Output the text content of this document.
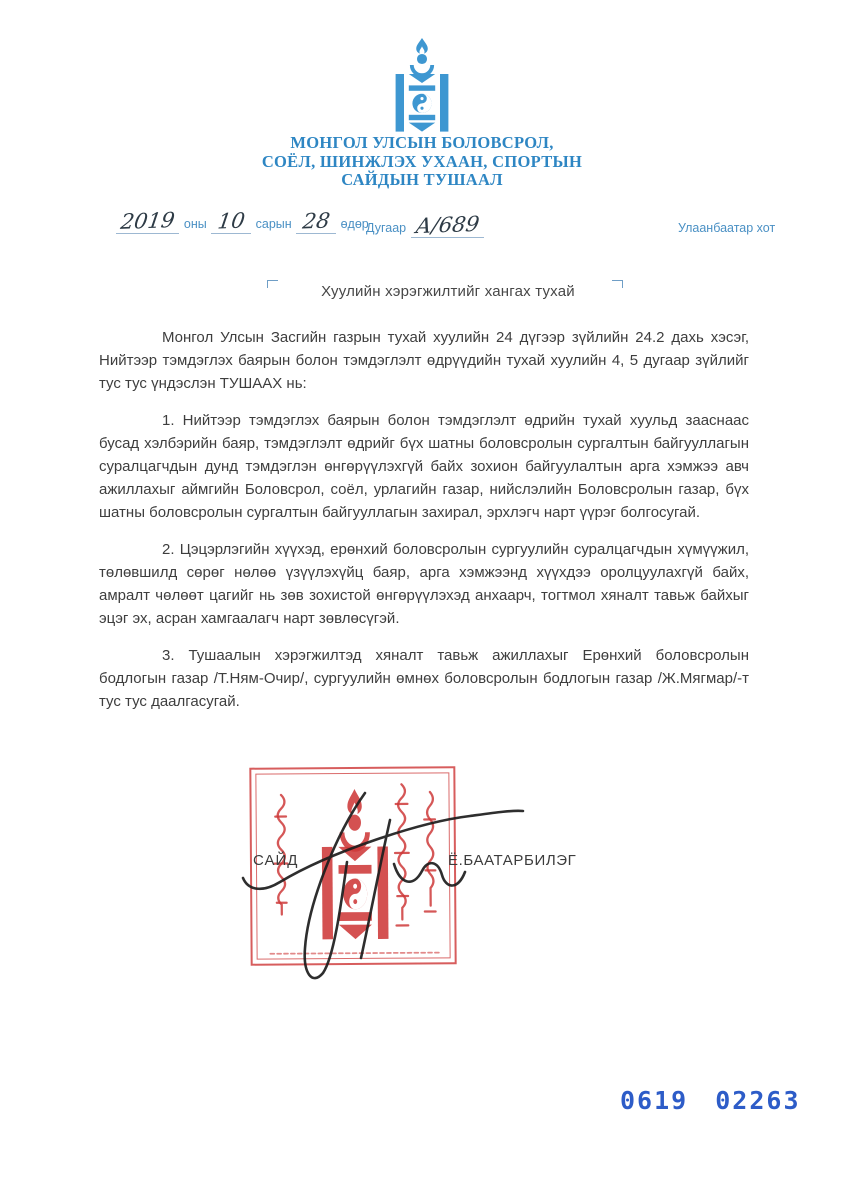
МОНГОЛ УЛСЫН БОЛОВСРОЛ,
СОЁЛ, ШИНЖЛЭХ УХААН, СПОРТЫН
САЙДЫН ТУШААЛ
2019 оны 10 сарын 28 өдөр
Дугаар А/689	Улаанбаатар хот
Хуулийн хэрэгжилтийг хангах тухай

Монгол Улсын Засгийн газрын тухай хуулийн 24 дүгээр зүйлийн 24.2 дахь хэсэг, Нийтээр тэмдэглэх баярын болон тэмдэглэлт өдрүүдийн тухай хуулийн 4, 5 дугаар зүйлийг тус тус үндэслэн ТУШААХ нь:

1. Нийтээр тэмдэглэх баярын болон тэмдэглэлт өдрийн тухай хуульд зааснаас бусад хэлбэрийн баяр, тэмдэглэлт өдрийг бүх шатны боловсролын сургалтын байгууллагын суралцагчдын дунд тэмдэглэн өнгөрүүлэхгүй байх зохион байгуулалтын арга хэмжээ авч ажиллахыг аймгийн Боловсрол, соёл, урлагийн газар, нийслэлийн Боловсролын газар, бүх шатны боловсролын сургалтын байгууллагын захирал, эрхлэгч нарт үүрэг болгосугай.

2. Цэцэрлэгийн хүүхэд, ерөнхий боловсролын сургуулийн суралцагчдын хүмүүжил, төлөвшилд сөрөг нөлөө үзүүлэхүйц баяр, арга хэмжээнд хүүхдээ оролцуулахгүй байх, амралт чөлөөт цагийг нь зөв зохистой өнгөрүүлэхэд анхаарч, тогтмол хяналт тавьж байхыг эцэг эх, асран хамгаалагч нарт зөвлөсүгэй.

3. Тушаалын хэрэгжилтэд хяналт тавьж ажиллахыг Ерөнхий боловсролын бодлогын газар /Т.Ням-Очир/, сургуулийн өмнөх боловсролын бодлогын газар /Ж.Мягмар/-т тус тус даалгасугай.

САЙД	Ё.БААТАРБИЛЭГ
0619 02263
